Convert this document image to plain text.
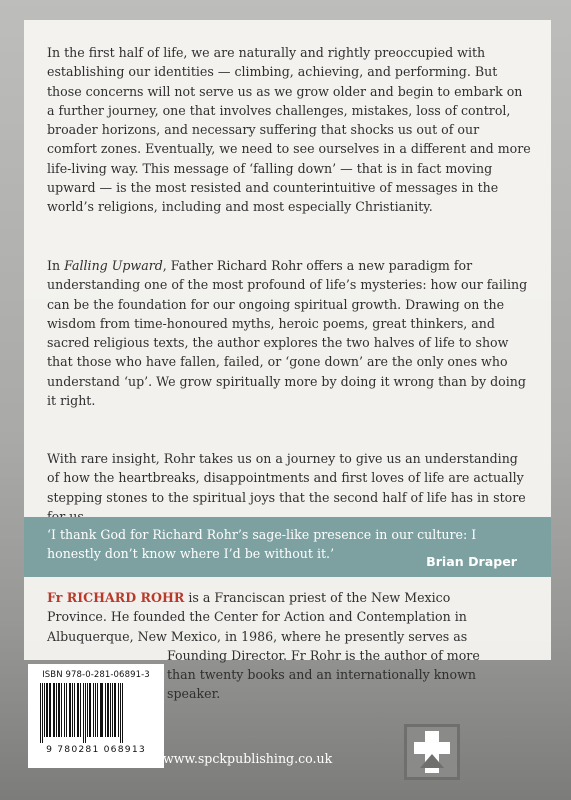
In the first half of life, we are naturally and rightly preoccupied with establishing our identities — climbing, achieving, and performing. But those concerns will not serve us as we grow older and begin to embark on a further journey, one that involves challenges, mistakes, loss of control, broader horizons, and necessary suffering that shocks us out of our comfort zones. Eventually, we need to see ourselves in a different and more life-living way. This message of ‘falling down’ — that is in fact moving upward — is the most resisted and counterintuitive of messages in the world’s religions, including and most especially Christianity.

In Falling Upward, Father Richard Rohr offers a new paradigm for understanding one of the most profound of life’s mysteries: how our failing can be the foundation for our ongoing spiritual growth. Drawing on the wisdom from time-honoured myths, heroic poems, great thinkers, and sacred religious texts, the author explores the two halves of life to show that those who have fallen, failed, or ‘gone down’ are the only ones who understand ‘up’. We grow spiritually more by doing it wrong than by doing it right.

With rare insight, Rohr takes us on a journey to give us an understanding of how the heartbreaks, disappointments and first loves of life are actually stepping stones to the spiritual joys that the second half of life has in store

‘I thank God for Richard Rohr’s sage-like presence in our culture: I honestly don’t know where I’d be without it.’
Brian Draper
Fr RICHARD ROHR is a Franciscan priest of the New Mexico
Province. He founded the Center for Action and Contemplation in
Albuquerque, New Mexico, in 1986, where he presently serves as
Founding Director. Fr Rohr is the author of more
than twenty books and an internationally known
speaker.
ISBN 978-0-281-06891-3
9 780281 068913
www.spckpublishing.co.uk
